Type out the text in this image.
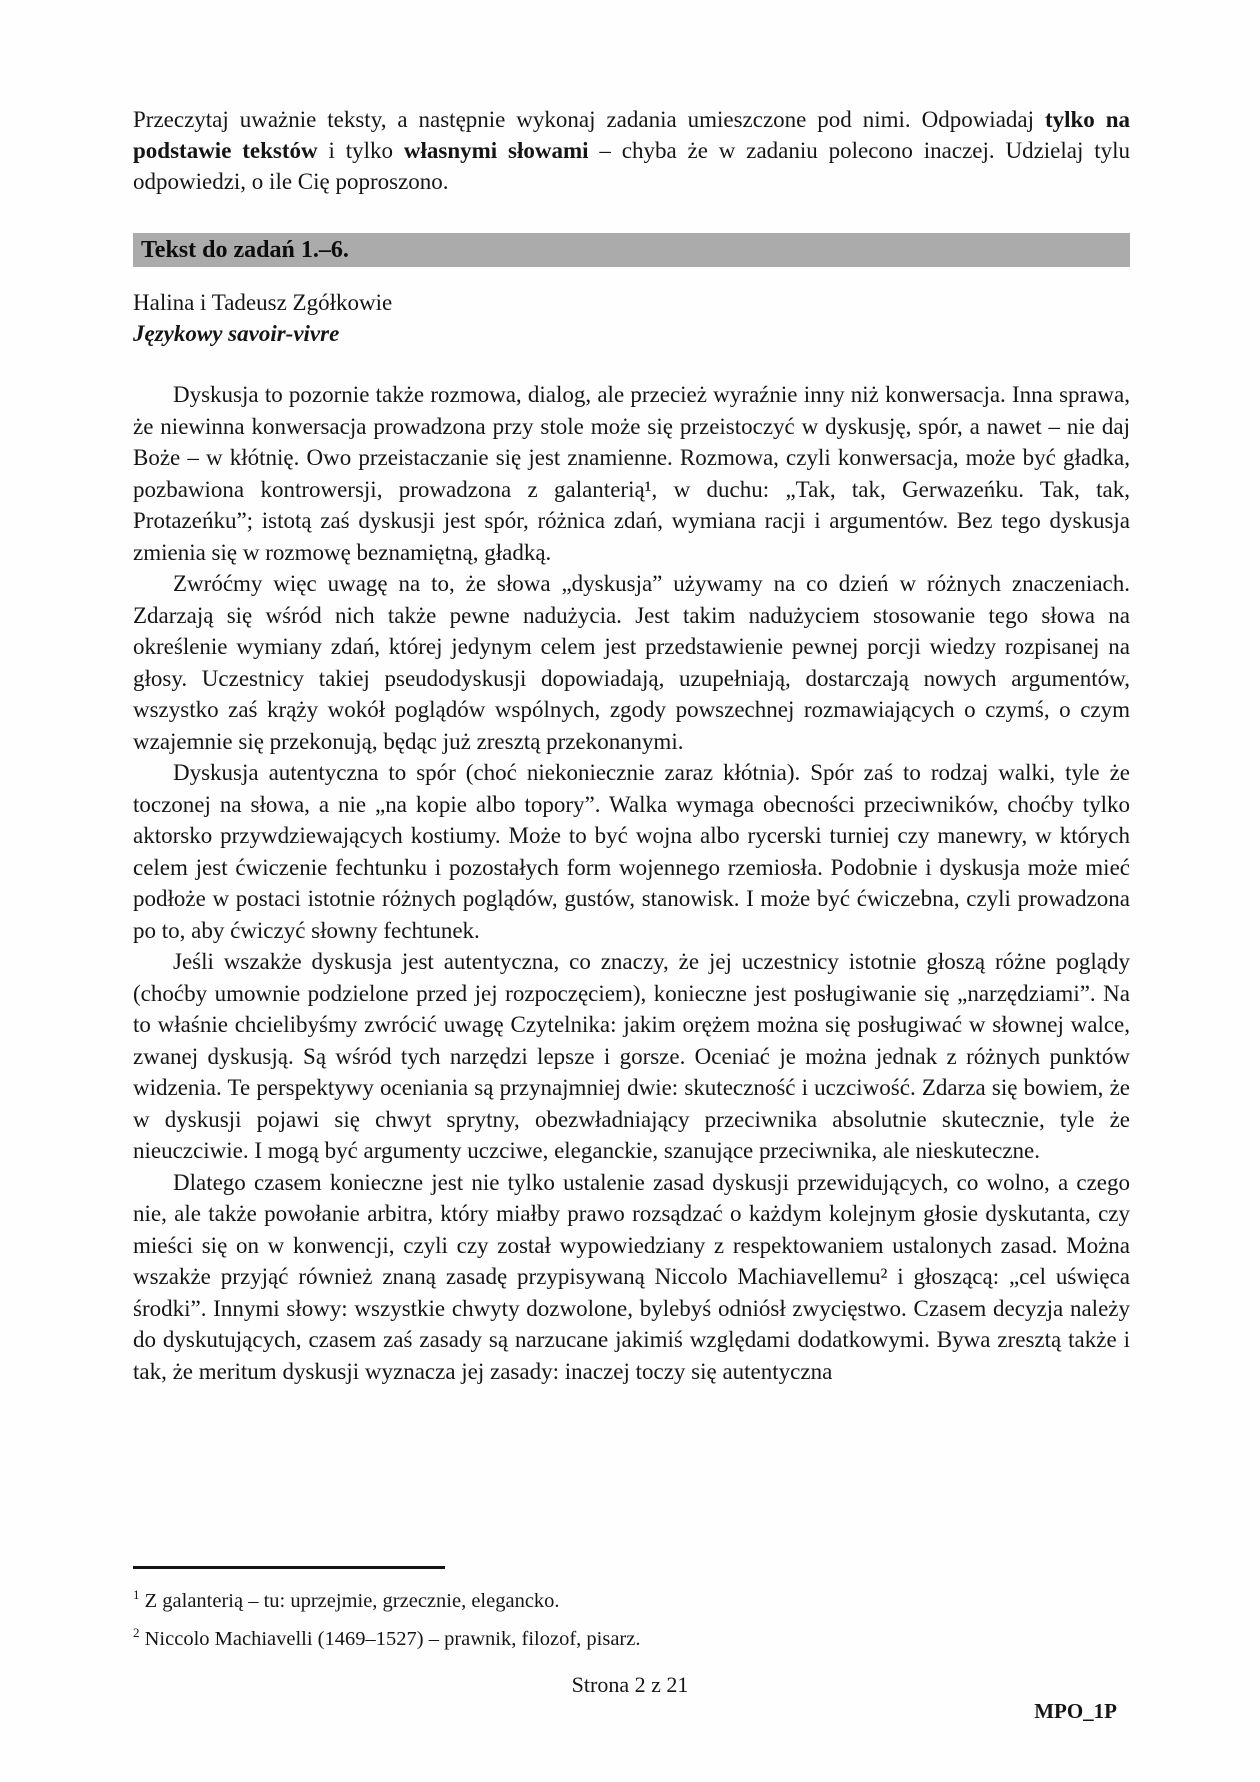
Przeczytaj uważnie teksty, a następnie wykonaj zadania umieszczone pod nimi. Odpowiadaj tylko na podstawie tekstów i tylko własnymi słowami – chyba że w zadaniu polecono inaczej. Udzielaj tylu odpowiedzi, o ile Cię poproszono.

Tekst do zadań 1.–6.

Halina i Tadeusz Zgółkowie

Językowy savoir-vivre

Dyskusja to pozornie także rozmowa, dialog, ale przecież wyraźnie inny niż konwersacja. Inna sprawa, że niewinna konwersacja prowadzona przy stole może się przeistoczyć w dyskusję, spór, a nawet – nie daj Boże – w kłótnię. Owo przeistaczanie się jest znamienne. Rozmowa, czyli konwersacja, może być gładka, pozbawiona kontrowersji, prowadzona z galanterią¹, w duchu: „Tak, tak, Gerwazeńku. Tak, tak, Protazeńku”; istotą zaś dyskusji jest spór, różnica zdań, wymiana racji i argumentów. Bez tego dyskusja zmienia się w rozmowę beznamiętną, gładką.

Zwróćmy więc uwagę na to, że słowa „dyskusja” używamy na co dzień w różnych znaczeniach. Zdarzają się wśród nich także pewne nadużycia. Jest takim nadużyciem stosowanie tego słowa na określenie wymiany zdań, której jedynym celem jest przedstawienie pewnej porcji wiedzy rozpisanej na głosy. Uczestnicy takiej pseudodyskusji dopowiadają, uzupełniają, dostarczają nowych argumentów, wszystko zaś krąży wokół poglądów wspólnych, zgody powszechnej rozmawiających o czymś, o czym wzajemnie się przekonują, będąc już zresztą przekonanymi.

Dyskusja autentyczna to spór (choć niekoniecznie zaraz kłótnia). Spór zaś to rodzaj walki, tyle że toczonej na słowa, a nie „na kopie albo topory”. Walka wymaga obecności przeciwników, choćby tylko aktorsko przywdziewających kostiumy. Może to być wojna albo rycerski turniej czy manewry, w których celem jest ćwiczenie fechtunku i pozostałych form wojennego rzemiosła. Podobnie i dyskusja może mieć podłoże w postaci istotnie różnych poglądów, gustów, stanowisk. I może być ćwiczebna, czyli prowadzona po to, aby ćwiczyć słowny fechtunek.

Jeśli wszakże dyskusja jest autentyczna, co znaczy, że jej uczestnicy istotnie głoszą różne poglądy (choćby umownie podzielone przed jej rozpoczęciem), konieczne jest posługiwanie się „narzędziami”. Na to właśnie chcielibyśmy zwrócić uwagę Czytelnika: jakim orężem można się posługiwać w słownej walce, zwanej dyskusją. Są wśród tych narzędzi lepsze i gorsze. Oceniać je można jednak z różnych punktów widzenia. Te perspektywy oceniania są przynajmniej dwie: skuteczność i uczciwość. Zdarza się bowiem, że w dyskusji pojawi się chwyt sprytny, obezwładniający przeciwnika absolutnie skutecznie, tyle że nieuczciwie. I mogą być argumenty uczciwe, eleganckie, szanujące przeciwnika, ale nieskuteczne.

Dlatego czasem konieczne jest nie tylko ustalenie zasad dyskusji przewidujących, co wolno, a czego nie, ale także powołanie arbitra, który miałby prawo rozsądzać o każdym kolejnym głosie dyskutanta, czy mieści się on w konwencji, czyli czy został wypowiedziany z respektowaniem ustalonych zasad. Można wszakże przyjąć również znaną zasadę przypisywaną Niccolo Machiavellemu² i głoszącą: „cel uświęca środki”. Innymi słowy: wszystkie chwyty dozwolone, bylebyś odniósł zwycięstwo. Czasem decyzja należy do dyskutujących, czasem zaś zasady są narzucane jakimiś względami dodatkowymi. Bywa zresztą także i tak, że meritum dyskusji wyznacza jej zasady: inaczej toczy się autentyczna

$^1$ Z galanterią – tu: uprzejmie, grzecznie, elegancko.

$^2$ Niccolo Machiavelli (1469–1527) – prawnik, filozof, pisarz.

Strona 2 z 21
MPO_1P
